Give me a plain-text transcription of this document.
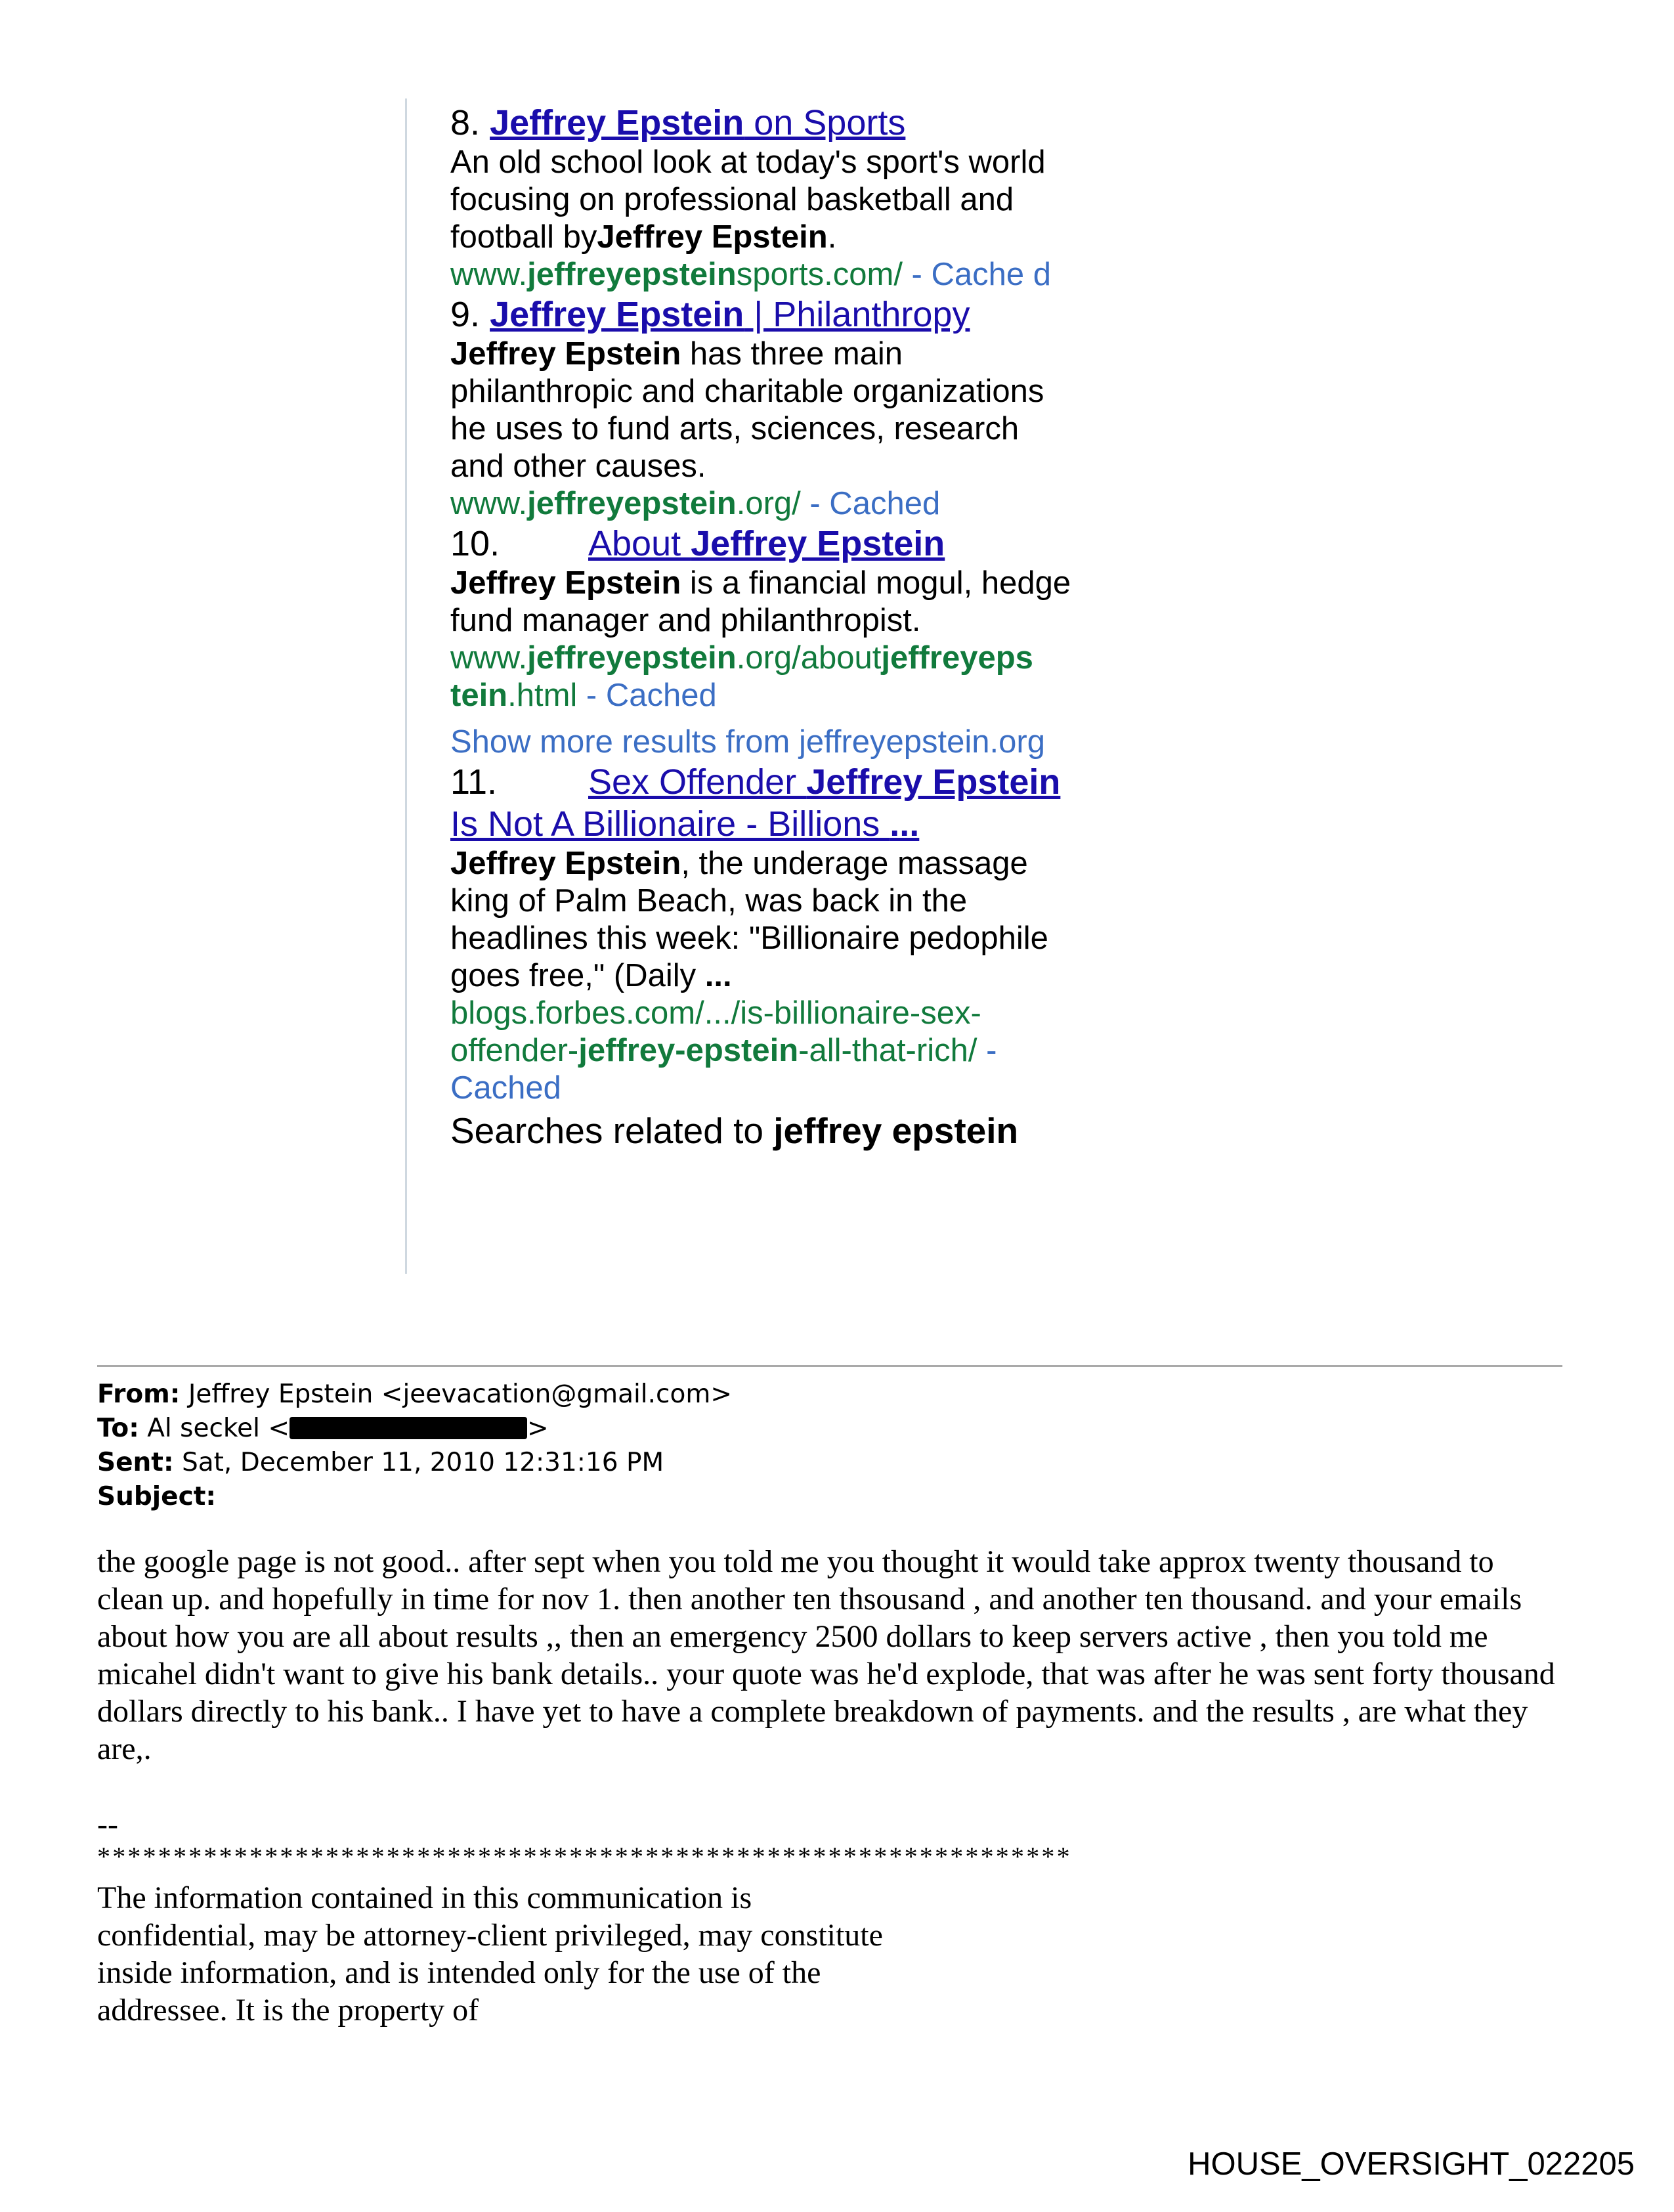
8. Jeffrey Epstein on Sports
An old school look at today's sport's world focusing on professional basketball and football byJeffrey Epstein.
www.jeffreyepsteinsports.com/ - Cache d
9. Jeffrey Epstein | Philanthropy
Jeffrey Epstein has three main philanthropic and charitable organizations he uses to fund arts, sciences, research and other causes.
www.jeffreyepstein.org/ - Cached
10. About Jeffrey Epstein
Jeffrey Epstein is a financial mogul, hedge fund manager and philanthropist.
www.jeffreyepstein.org/aboutjeffreyeps tein.html - Cached
Show more results from jeffreyepstein.org
11.	Sex Offender Jeffrey Epstein Is Not A Billionaire - Billions ...
Jeffrey Epstein, the underage massage king of Palm Beach, was back in the headlines this week: "Billionaire pedophile goes free," (Daily ...
blogs.forbes.com/.../is-billionaire-sex-offender-jeffrey-epstein-all-that-rich/ - Cached
Searches related to jeffrey epstein
From: Jeffrey Epstein <jeevacation@gmail.com>
To: Al seckel <	>
Sent: Sat, December 11, 2010 12:31:16 PM
Subject:
the google page is not good.. after sept when you told me you thought it would take approx twenty thousand to clean up. and hopefully in time for nov 1. then another ten thsousand , and another ten thousand. and your emails about how you are all about results ,, then an emergency 2500 dollars to keep servers active , then you told me micahel didn't want to give his bank details.. your quote was he'd explode, that was after he was sent forty thousand dollars directly to his bank.. I have yet to have a complete breakdown of payments. and the results , are what they are,.
--
****************************************************************
The information contained in this communication is confidential, may be attorney-client privileged, may constitute inside information, and is intended only for the use of the addressee. It is the property of
HOUSE_OVERSIGHT_022205
